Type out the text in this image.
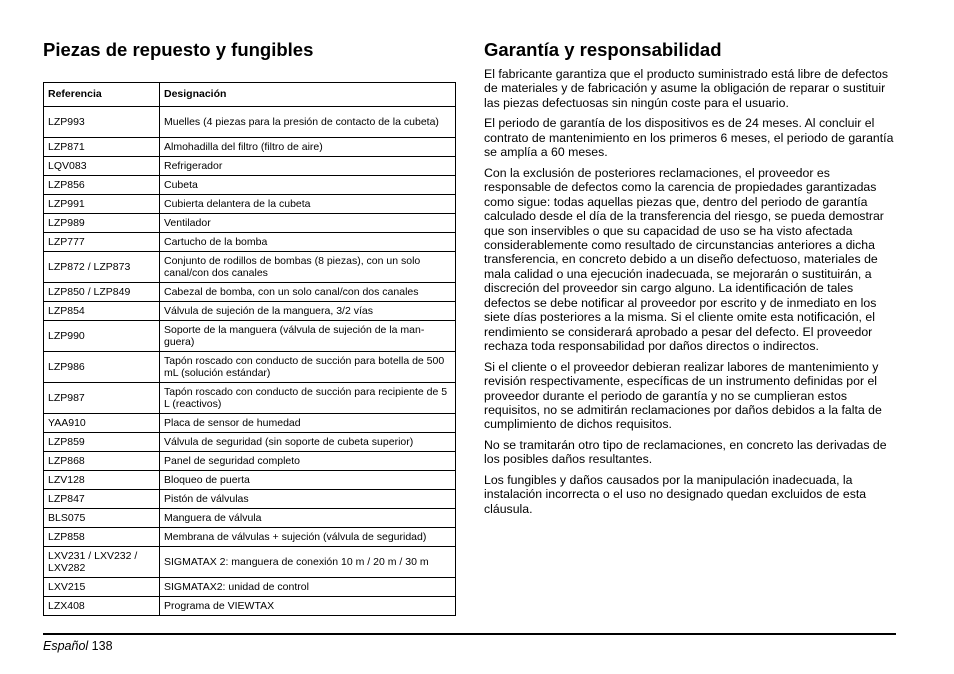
Piezas de repuesto y fungibles
Referencia	Designación
LZP993	Muelles (4 piezas para la presión de contacto de la cubeta)
LZP871	Almohadilla del filtro (filtro de aire)
LQV083	Refrigerador
LZP856	Cubeta
LZP991	Cubierta delantera de la cubeta
LZP989	Ventilador
LZP777	Cartucho de la bomba
LZP872 / LZP873	Conjunto de rodillos de bombas (8 piezas), con un solo canal/con dos canales
LZP850 / LZP849	Cabezal de bomba, con un solo canal/con dos canales
LZP854	Válvula de sujeción de la manguera, 3/2 vías
LZP990	Soporte de la manguera (válvula de sujeción de la man-guera)
LZP986	Tapón roscado con conducto de succión para botella de 500 mL (solución estándar)
LZP987	Tapón roscado con conducto de succión para recipiente de 5 L (reactivos)
YAA910	Placa de sensor de humedad
LZP859	Válvula de seguridad (sin soporte de cubeta superior)
LZP868	Panel de seguridad completo
LZV128	Bloqueo de puerta
LZP847	Pistón de válvulas
BLS075	Manguera de válvula
LZP858	Membrana de válvulas + sujeción (válvula de seguridad)
LXV231 / LXV232 / LXV282	SIGMATAX 2: manguera de conexión 10 m / 20 m / 30 m
LXV215	SIGMATAX2: unidad de control
LZX408	Programa de VIEWTAX
Garantía y responsabilidad

El fabricante garantiza que el producto suministrado está libre de defectos de materiales y de fabricación y asume la obligación de reparar o sustituir las piezas defectuosas sin ningún coste para el usuario.

El periodo de garantía de los dispositivos es de 24 meses. Al concluir el contrato de mantenimiento en los primeros 6 meses, el periodo de garantía se amplía a 60 meses.

Con la exclusión de posteriores reclamaciones, el proveedor es responsable de defectos como la carencia de propiedades garantizadas como sigue: todas aquellas piezas que, dentro del periodo de garantía calculado desde el día de la transferencia del riesgo, se pueda demostrar que son inservibles o que su capacidad de uso se ha visto afectada considerablemente como resultado de circunstancias anteriores a dicha transferencia, en concreto debido a un diseño defectuoso, materiales de mala calidad o una ejecución inadecuada, se mejorarán o sustituirán, a discreción del proveedor sin cargo alguno. La identificación de tales defectos se debe notificar al proveedor por escrito y de inmediato en los siete días posteriores a la misma. Si el cliente omite esta notificación, el rendimiento se considerará aprobado a pesar del defecto. El proveedor rechaza toda responsabilidad por daños directos o indirectos.

Si el cliente o el proveedor debieran realizar labores de mantenimiento y revisión respectivamente, específicas de un instrumento definidas por el proveedor durante el periodo de garantía y no se cumplieran estos requisitos, no se admitirán reclamaciones por daños debidos a la falta de cumplimiento de dichos requisitos.

No se tramitarán otro tipo de reclamaciones, en concreto las derivadas de los posibles daños resultantes.

Los fungibles y daños causados por la manipulación inadecuada, la instalación incorrecta o el uso no designado quedan excluidos de esta cláusula.

Español 138
